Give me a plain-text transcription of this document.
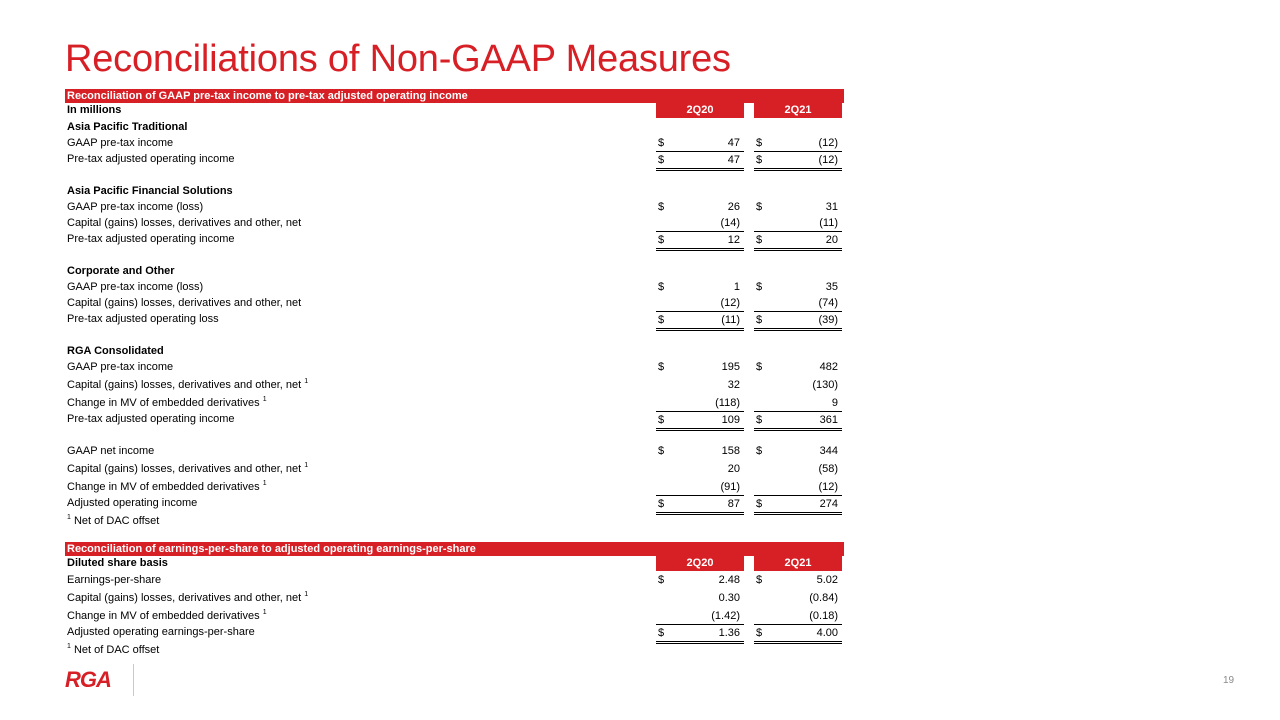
Reconciliations of Non-GAAP Measures
Reconciliation of GAAP pre-tax income to pre-tax adjusted operating income
In millions	2Q20	2Q21
Asia Pacific Traditional
GAAP pre-tax income	$	47 $	(12)
Pre-tax adjusted operating income	$	47 $	(12)
Asia Pacific Financial Solutions
GAAP pre-tax income (loss)	$	26 $	31
Capital (gains) losses, derivatives and other, net	(14)	(11)
Pre-tax adjusted operating income	$	12 $	20
Corporate and Other
GAAP pre-tax income (loss)	$	1 $	35
Capital (gains) losses, derivatives and other, net	(12)	(74)
Pre-tax adjusted operating loss	$	(11) $	(39)
RGA Consolidated
GAAP pre-tax income	$	195 $	482
Capital (gains) losses, derivatives and other, net $^1$	32	(130)
Change in MV of embedded derivatives $^1$	(118)	9
Pre-tax adjusted operating income	$	109 $	361
GAAP net income	$	158 $	344
Capital (gains) losses, derivatives and other, net $^1$	20	(58)
Change in MV of embedded derivatives $^1$	(91)	(12)
Adjusted operating income	$	87 $	274
$^1$ Net of DAC offset
Reconciliation of earnings-per-share to adjusted operating earnings-per-share
Diluted share basis	2Q20	2Q21
Earnings-per-share	$	2.48 $	5.02
Capital (gains) losses, derivatives and other, net $^1$	0.30	(0.84)
Change in MV of embedded derivatives $^1$	(1.42)	(0.18)
Adjusted operating earnings-per-share	$	1.36 $	4.00
$^1$ Net of DAC offset
RGA	19
